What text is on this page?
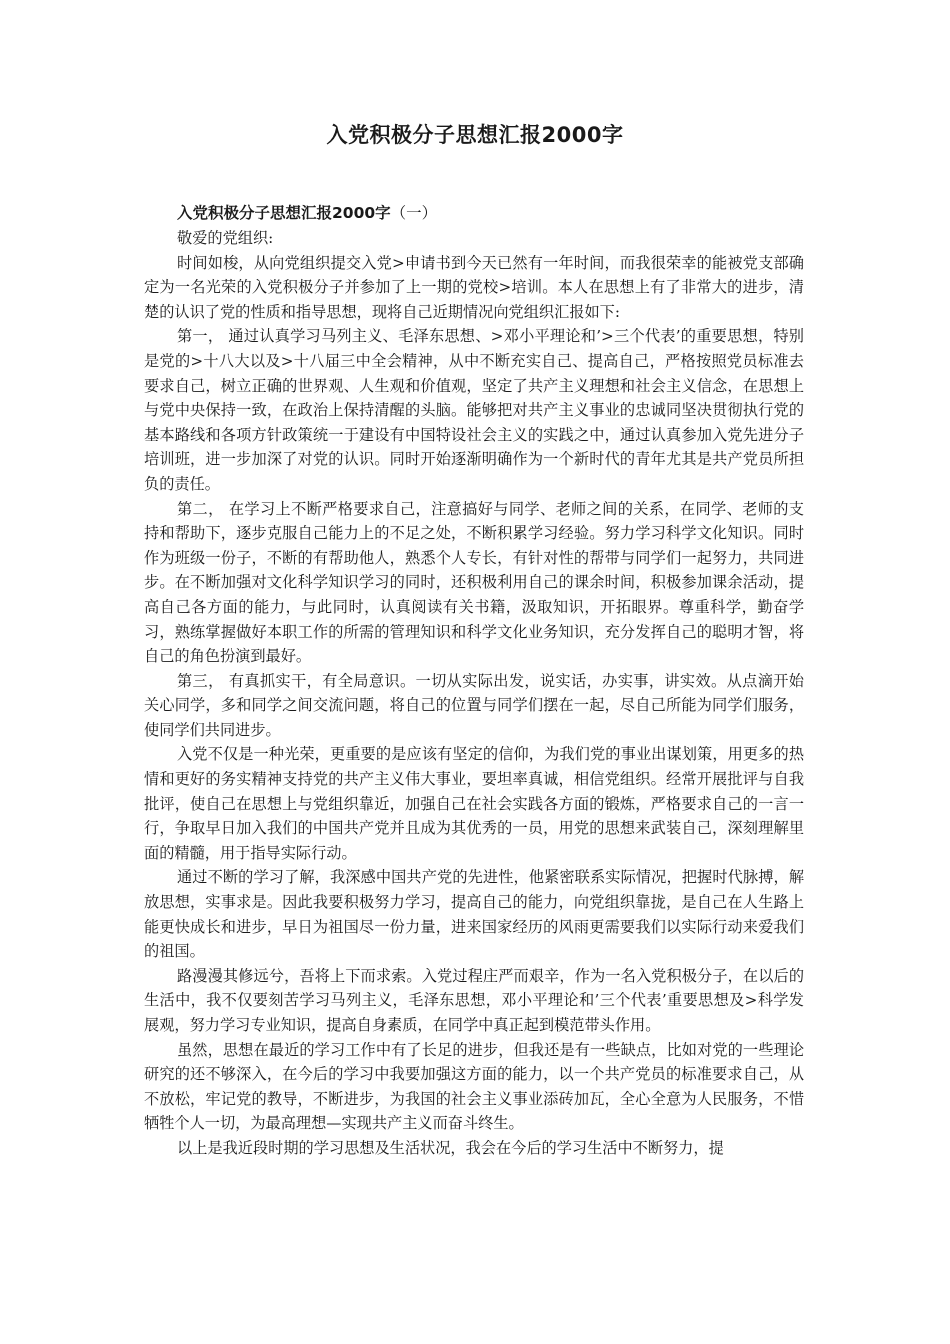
入党积极分子思想汇报2000字

入党积极分子思想汇报2000字（一）

敬爱的党组织:

时间如梭，从向党组织提交入党>申请书到今天已然有一年时间，而我很荣幸的能被党支部确定为一名光荣的入党积极分子并参加了上一期的党校>培训。本人在思想上有了非常大的进步，清楚的认识了党的性质和指导思想，现将自己近期情况向党组织汇报如下:

第一， 通过认真学习马列主义、毛泽东思想、>邓小平理论和’>三个代表’的重要思想，特别是党的>十八大以及>十八届三中全会精神，从中不断充实自己、提高自己，严格按照党员标准去要求自己，树立正确的世界观、人生观和价值观，坚定了共产主义理想和社会主义信念，在思想上与党中央保持一致，在政治上保持清醒的头脑。能够把对共产主义事业的忠诚同坚决贯彻执行党的基本路线和各项方针政策统一于建设有中国特设社会主义的实践之中，通过认真参加入党先进分子培训班，进一步加深了对党的认识。同时开始逐渐明确作为一个新时代的青年尤其是共产党员所担负的责任。

第二， 在学习上不断严格要求自己，注意搞好与同学、老师之间的关系，在同学、老师的支持和帮助下，逐步克服自己能力上的不足之处，不断积累学习经验。努力学习科学文化知识。同时作为班级一份子，不断的有帮助他人，熟悉个人专长，有针对性的帮带与同学们一起努力，共同进步。在不断加强对文化科学知识学习的同时，还积极利用自己的课余时间，积极参加课余活动，提高自己各方面的能力，与此同时，认真阅读有关书籍，汲取知识，开拓眼界。尊重科学，勤奋学习，熟练掌握做好本职工作的所需的管理知识和科学文化业务知识，充分发挥自己的聪明才智，将自己的角色扮演到最好。

第三， 有真抓实干，有全局意识。一切从实际出发，说实话，办实事，讲实效。从点滴开始关心同学，多和同学之间交流问题，将自己的位置与同学们摆在一起，尽自己所能为同学们服务，使同学们共同进步。

入党不仅是一种光荣，更重要的是应该有坚定的信仰，为我们党的事业出谋划策，用更多的热情和更好的务实精神支持党的共产主义伟大事业，要坦率真诚，相信党组织。经常开展批评与自我批评，使自己在思想上与党组织靠近，加强自己在社会实践各方面的锻炼，严格要求自己的一言一行，争取早日加入我们的中国共产党并且成为其优秀的一员，用党的思想来武装自己，深刻理解里面的精髓，用于指导实际行动。

通过不断的学习了解，我深感中国共产党的先进性，他紧密联系实际情况，把握时代脉搏，解放思想，实事求是。因此我要积极努力学习，提高自己的能力，向党组织靠拢，是自己在人生路上能更快成长和进步，早日为祖国尽一份力量，进来国家经历的风雨更需要我们以实际行动来爱我们的祖国。

路漫漫其修远兮，吾将上下而求索。入党过程庄严而艰辛，作为一名入党积极分子，在以后的生活中，我不仅要刻苦学习马列主义，毛泽东思想，邓小平理论和’三个代表’重要思想及>科学发展观，努力学习专业知识，提高自身素质，在同学中真正起到模范带头作用。

虽然，思想在最近的学习工作中有了长足的进步，但我还是有一些缺点，比如对党的一些理论研究的还不够深入，在今后的学习中我要加强这方面的能力，以一个共产党员的标准要求自己，从不放松，牢记党的教导，不断进步，为我国的社会主义事业添砖加瓦，全心全意为人民服务，不惜牺牲个人一切，为最高理想—实现共产主义而奋斗终生。

以上是我近段时期的学习思想及生活状况，我会在今后的学习生活中不断努力，提
